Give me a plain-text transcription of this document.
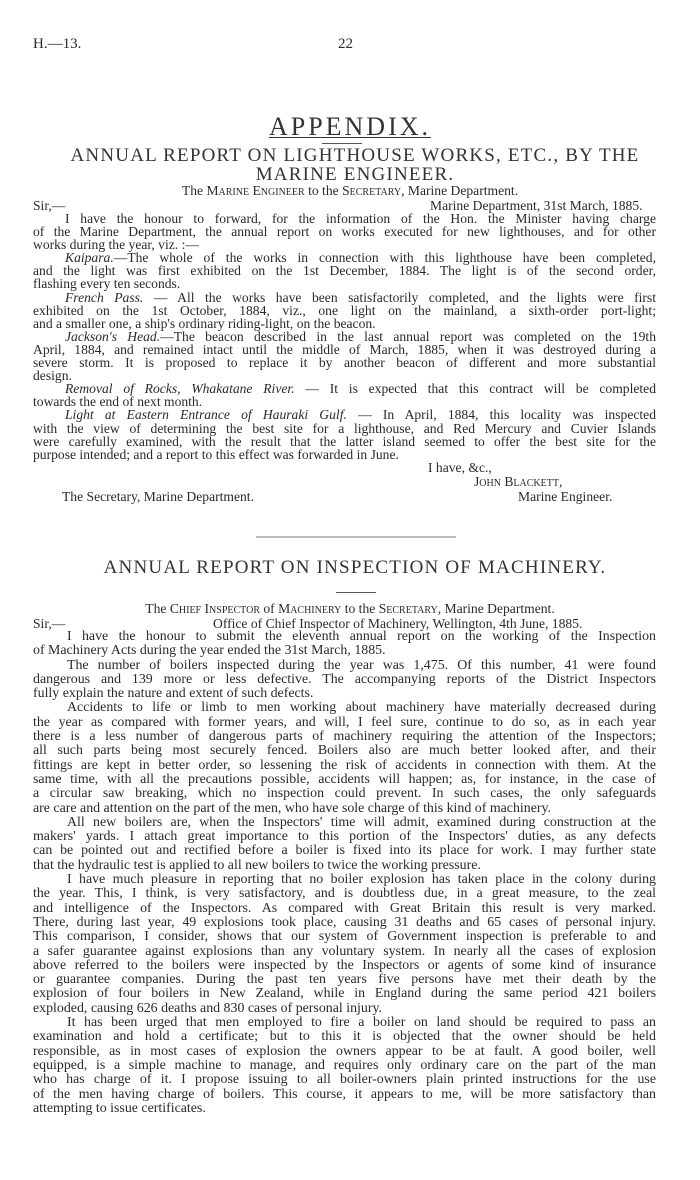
H.—13.	22
APPENDIX.
ANNUAL REPORT ON LIGHTHOUSE WORKS, ETC., BY THE
MARINE ENGINEER.
The Marine Engineer to the Secretary, Marine Department.
Sir,—	Marine Department, 31st March, 1885.
I have the honour to forward, for the information of the Hon. the Minister having charge
of the Marine Department, the annual report on works executed for new lighthouses, and for other
works during the year, viz. :—
Kaipara.—The whole of the works in connection with this lighthouse have been completed,
and the light was first exhibited on the 1st December, 1884. The light is of the second order,
flashing every ten seconds.
French Pass. — All the works have been satisfactorily completed, and the lights were first
exhibited on the 1st October, 1884, viz., one light on the mainland, a sixth-order port-light;
and a smaller one, a ship's ordinary riding-light, on the beacon.
Jackson's Head.—The beacon described in the last annual report was completed on the 19th
April, 1884, and remained intact until the middle of March, 1885, when it was destroyed during a
severe storm. It is proposed to replace it by another beacon of different and more substantial
design.
Removal of Rocks, Whakatane River. — It is expected that this contract will be completed
towards the end of next month.
Light at Eastern Entrance of Hauraki Gulf. — In April, 1884, this locality was inspected
with the view of determining the best site for a lighthouse, and Red Mercury and Cuvier Islands
were carefully examined, with the result that the latter island seemed to offer the best site for the
purpose intended; and a report to this effect was forwarded in June.
I have, &c.,
John Blackett,
Marine Engineer.
The Secretary, Marine Department.
ANNUAL REPORT ON INSPECTION OF MACHINERY.
The Chief Inspector of Machinery to the Secretary, Marine Department.
Sir,—	Office of Chief Inspector of Machinery, Wellington, 4th June, 1885.
I have the honour to submit the eleventh annual report on the working of the Inspection
of Machinery Acts during the year ended the 31st March, 1885.
The number of boilers inspected during the year was 1,475. Of this number, 41 were found
dangerous and 139 more or less defective. The accompanying reports of the District Inspectors
fully explain the nature and extent of such defects.
Accidents to life or limb to men working about machinery have materially decreased during
the year as compared with former years, and will, I feel sure, continue to do so, as in each year
there is a less number of dangerous parts of machinery requiring the attention of the Inspectors;
all such parts being most securely fenced. Boilers also are much better looked after, and their
fittings are kept in better order, so lessening the risk of accidents in connection with them. At the
same time, with all the precautions possible, accidents will happen; as, for instance, in the case of
a circular saw breaking, which no inspection could prevent. In such cases, the only safeguards
are care and attention on the part of the men, who have sole charge of this kind of machinery.
All new boilers are, when the Inspectors' time will admit, examined during construction at the
makers' yards. I attach great importance to this portion of the Inspectors' duties, as any defects
can be pointed out and rectified before a boiler is fixed into its place for work. I may further state
that the hydraulic test is applied to all new boilers to twice the working pressure.
I have much pleasure in reporting that no boiler explosion has taken place in the colony during
the year. This, I think, is very satisfactory, and is doubtless due, in a great measure, to the zeal
and intelligence of the Inspectors. As compared with Great Britain this result is very marked.
There, during last year, 49 explosions took place, causing 31 deaths and 65 cases of personal injury.
This comparison, I consider, shows that our system of Government inspection is preferable to and
a safer guarantee against explosions than any voluntary system. In nearly all the cases of explosion
above referred to the boilers were inspected by the Inspectors or agents of some kind of insurance
or guarantee companies. During the past ten years five persons have met their death by the
explosion of four boilers in New Zealand, while in England during the same period 421 boilers
exploded, causing 626 deaths and 830 cases of personal injury.
It has been urged that men employed to fire a boiler on land should be required to pass an
examination and hold a certificate; but to this it is objected that the owner should be held
responsible, as in most cases of explosion the owners appear to be at fault. A good boiler, well
equipped, is a simple machine to manage, and requires only ordinary care on the part of the man
who has charge of it. I propose issuing to all boiler-owners plain printed instructions for the use
of the men having charge of boilers. This course, it appears to me, will be more satisfactory than
attempting to issue certificates.
